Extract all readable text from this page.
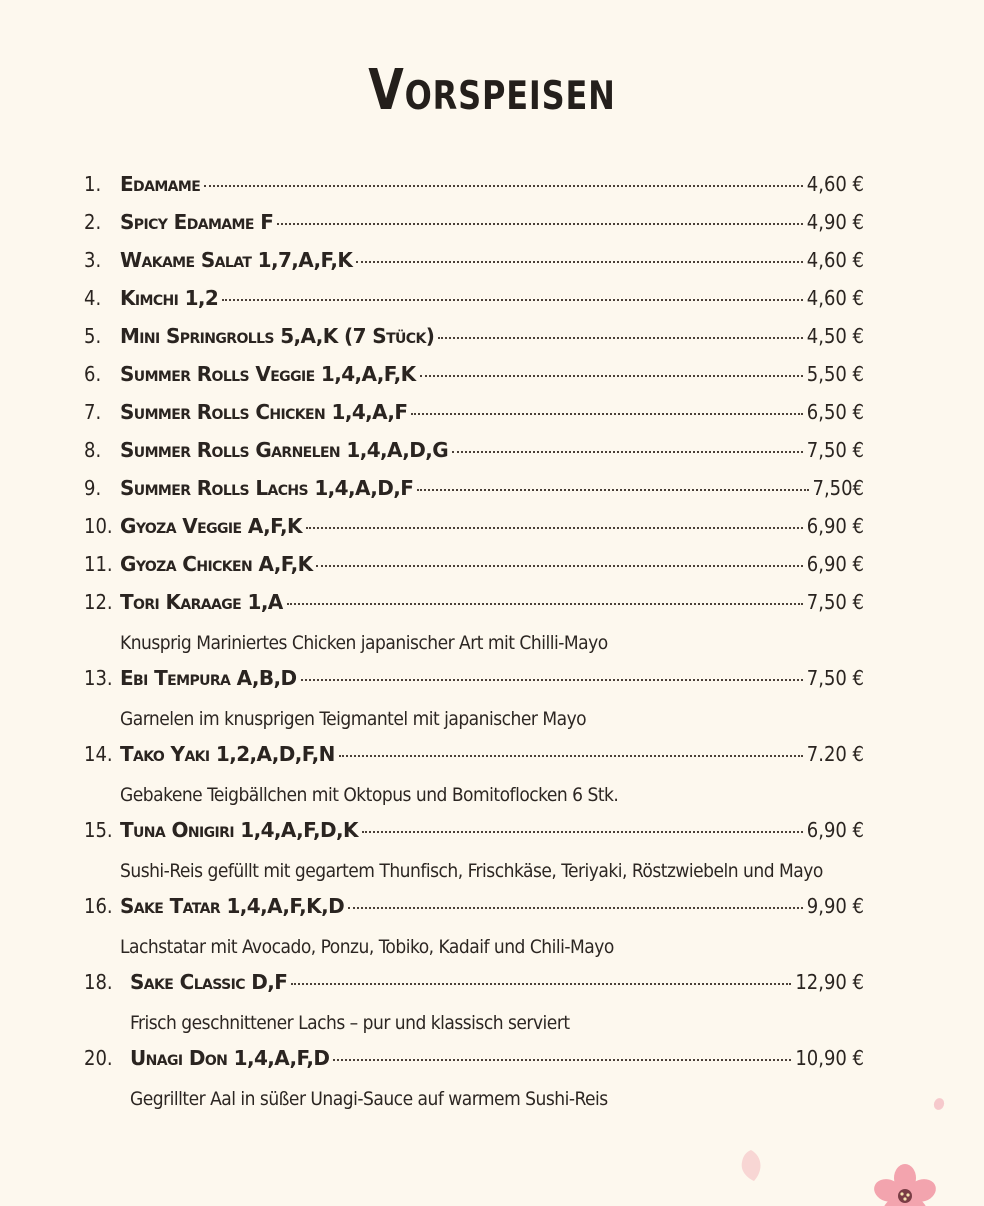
Vorspeisen
1. Edamame	4,60 €
2. Spicy Edamame F	4,90 €
3. Wakame Salat 1,7,A,F,K	4,60 €
4. Kimchi 1,2	4,60 €
5. Mini Springrolls 5,A,K (7 Stück)	4,50 €
6. Summer Rolls Veggie 1,4,A,F,K	5,50 €
7. Summer Rolls Chicken 1,4,A,F	6,50 €
8. Summer Rolls Garnelen 1,4,A,D,G	7,50 €
9. Summer Rolls Lachs 1,4,A,D,F	7,50€
10. Gyoza Veggie A,F,K	6,90 €
11. Gyoza Chicken A,F,K	6,90 €
12. Tori Karaage 1,A	7,50 €
Knusprig Mariniertes Chicken japanischer Art mit Chilli-Mayo
13. Ebi Tempura A,B,D	7,50 €
Garnelen im knusprigen Teigmantel mit japanischer Mayo
14. Tako Yaki 1,2,A,D,F,N	7.20 €
Gebakene Teigbällchen mit Oktopus und Bomitoflocken 6 Stk.
15. Tuna Onigiri 1,4,A,F,D,K	6,90 €
Sushi-Reis gefüllt mit gegartem Thunfisch, Frischkäse, Teriyaki, Röstzwiebeln und Mayo
16. Sake Tatar 1,4,A,F,K,D	9,90 €
Lachstatar mit Avocado, Ponzu, Tobiko, Kadaif und Chili-Mayo
18. Sake Classic D,F	12,90 €
Frisch geschnittener Lachs – pur und klassisch serviert
20. Unagi Don 1,4,A,F,D	10,90 €
Gegrillter Aal in süßer Unagi-Sauce auf warmem Sushi-Reis
